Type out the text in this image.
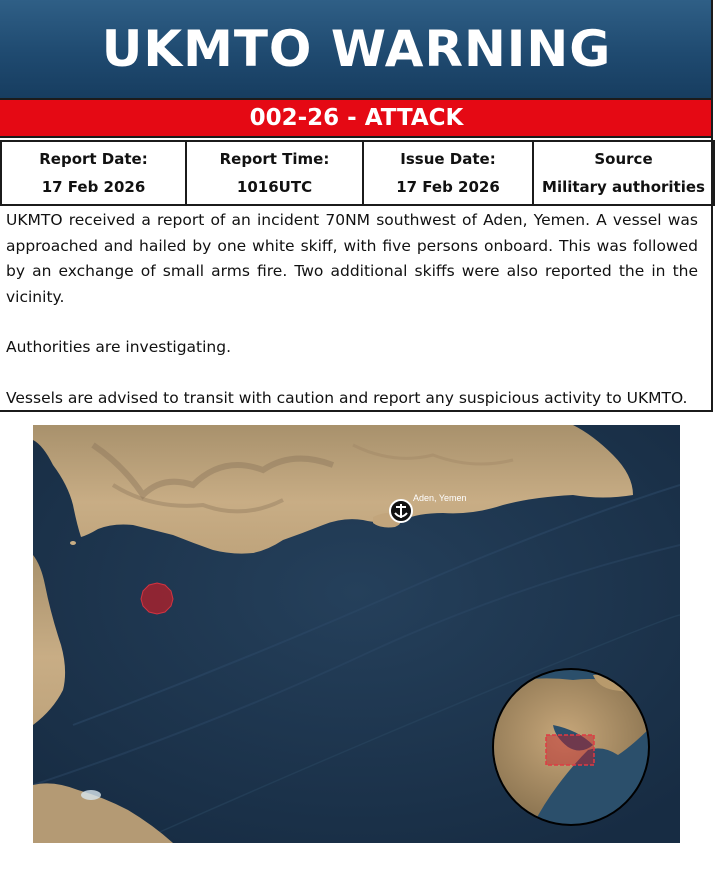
UKMTO WARNING
002-26 - ATTACK
Report Date:
17 Feb 2026

Report Time:
1016UTC

Issue Date:
17 Feb 2026

Source
Military authorities

UKMTO received a report of an incident 70NM southwest of Aden, Yemen. A vessel was approached and hailed by one white skiff, with five persons onboard. This was followed by an exchange of small arms fire. Two additional skiffs were also reported the in the vicinity.

Authorities are investigating.

Vessels are advised to transit with caution and report any suspicious activity to UKMTO.

Aden, Yemen
